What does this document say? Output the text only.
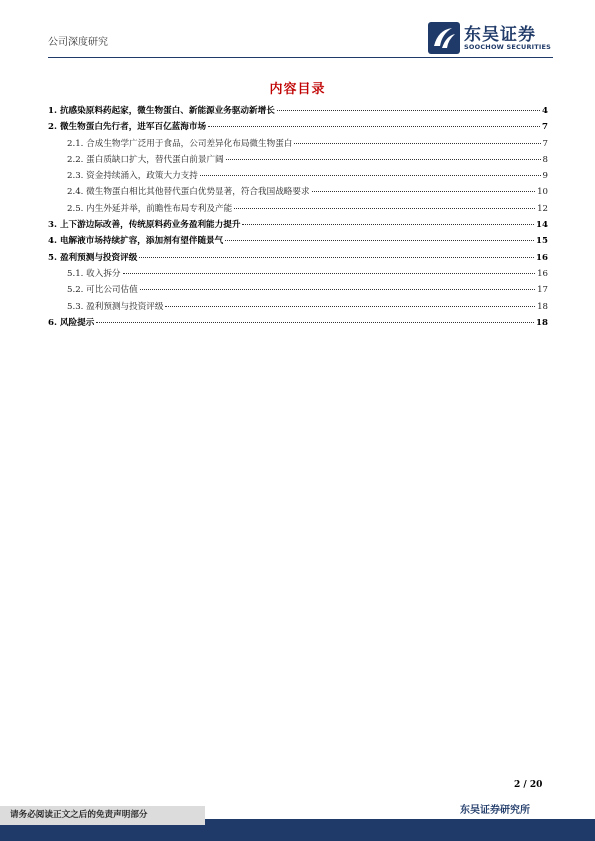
公司深度研究	东吴证券
SOOCHOW SECURITIES
内容目录
1. 抗感染原料药起家，微生物蛋白、新能源业务驱动新增长	4
2. 微生物蛋白先行者，进军百亿蓝海市场	7
2.1. 合成生物学广泛用于食品，公司差异化布局微生物蛋白	7
2.2. 蛋白质缺口扩大，替代蛋白前景广阔	8
2.3. 资金持续涌入，政策大力支持	9
2.4. 微生物蛋白相比其他替代蛋白优势显著，符合我国战略要求	10
2.5. 内生外延并举，前瞻性布局专利及产能	12
3. 上下游边际改善，传统原料药业务盈利能力提升	14
4. 电解液市场持续扩容，添加剂有望伴随景气	15
5. 盈利预测与投资评级	16
5.1. 收入拆分	16
5.2. 可比公司估值	17
5.3. 盈利预测与投资评级	18
6. 风险提示	18
2 / 20
东吴证券研究所
请务必阅读正文之后的免责声明部分
